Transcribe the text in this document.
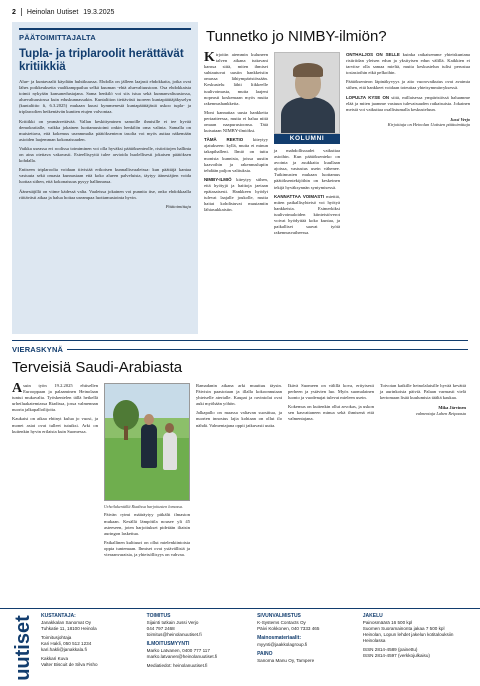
2 Heinolan Uutiset 19.3.2025
PÄÄTOIMITTAJALTA
Tupla- ja triplaroolit herättävät kritiikkiä

Aluе- ja kuntavaalit käydään huhtikuussa. Ehdolla on jälleen laajasti ehdokkaita, jotka ovat lähes poikkeuksetta vaalikamppailua selkä kuuman -ehtä aluevaltuustoon. Osa ehdokkaista toimii nykyään kansanedustajana. Sama henkilö voi siis istua sekä kunnanvaltuustossa, aluevaltuustossa kuin eduskunnassakin. Kuntaliiton tiettävästi tuoreen kuntapäättäjäkyselyn (kuntaliitto fi, 6.3.2025) mukaan kuusi kymmenestä kuntapäättäjästä uskoo tupla- ja triplaroolien heikentävän kuntien etujen valvontaa.

Kritiikki on ymmärrettävää. Vallan keskittyminen samoille ihmisille ei tee hyvää demokratialle, vaikka jokainen luottamustoimi onkin henkilön oma valinta. Samalla on muistettava, että kokemus useammalta päätöksenteon tasolta voi myös auttaa näkemään asioiden laajemman kokonaisuuden.

Vaikka useassa eri roolissa toimiminen voi olla hyväksi päätöksenteolle, ristiriitojen hallinta on aina otettava vakavasti. Esteellisyyttä tulee arvioida huolellisesti jokaisen päätöksen kohdalla.

Entiseen triplaroolia voidaan tiivistää erikoisen kunnallisvaaleissa: kun päättäjä kantaa vastuuta sekä omasta kunnastaan että koko alueen palveluista, täytyy äänestäjien voida luottaa siihen, että kokonaisuus pysyy hallinnassa.

Äänestäjillä on viime kädessä valta. Vaaleissa jokainen voi punnita itse, onko ehdokkaalla riittävästi aikaa ja halua hoitaa useampaa luottamustointa hyvin.

Päätoimittaja

Tunnetko jo NIMBY-ilmiön?

Kirjoitin aiemmin kuluneen talven aikana tuttavani kanssa siitä, miten ihmiset suhtautuvat uusiin hankkeisiin omassa lähiympäristössään. Keskustelu lähti liikkeelle tuulivoimasta, mutta laajeni nopeasti koskemaan myös muita rakennushankkeita.

Moni kannattaa uusia hankkeita periaatteessa, mutta ei halua niitä omaan naapurustoonsa. Tätä kutsutaan NIMBY-ilmiöksi.

TÄMÄ REKTIO kiteytyy ajatukseen: kyllä, mutta ei minun takapihalleni. Ilmiö on tuttu monista kunnista, joissa uusiin kaavoihin ja rakennuslupiin tehdään paljon valituksia.

NIMBY-ILMIÖ kiteytyy siihen, että hyötyjä ja haittoja jaetaan epätasaisesti. Hankkeen hyödyt tulevat laajalle joukolle, mutta haitat kohdistuvat muutamiin lähiasukkaisiin.

KOLUMNI

ja mahdollisuudet vaikuttaa asioihin. Kun päätöksenteko on avointa ja asukkaita kuullaan ajoissa, vastustus usein vähenee. Tutkimusten mukaan luottamus päätöksentekijöihin on keskeinen tekijä hyväksynnän syntymisessä.

KANNATTAA VOIMASTI miettiä, miten paikallisyhteisö voi hyötyä hankkeista. Esimerkiksi tuulivoimaloiden kiinteistöverot voivat hyödyttää koko kuntaa, ja paikalliset saavat työtä rakennusvaiheessa.

ONTHALJOS ON SELLE kuinka ratkaisemme yhteiskuntana ristiriidan yleisen edun ja yksityisen edun välillä. Kaikkien ei tarvitse olla samaa mieltä, mutta keskustelun tulisi perustua tosiasioihin eikä pelkoihin.

Päätöksenteon läpinäkyvyys ja aito vuorovaikutus ovat avaimia siihen, että hankkeet voidaan toteuttaa yhteisymmärryksessä.

LOPULTA KYSE ON siitä, millaisessa ympäristössä haluamme elää ja miten jaamme vastuun tulevaisuuden ratkaisuista. Jokainen meistä voi vaikuttaa osallistumalla keskusteluun.

Jussi Verjo
Kirjoittaja on Heinolan Uutisten päätoimittaja
VIERASKYNÄ
Terveisiä Saudi-Arabiasta

Asuin työn 19.2.2025 ehtisellen Eurooppaan ja palaaminen Heinolaan tuntui mukavalta. Työskentelen tällä hetkellä urheiluakatemiassa Riadissa, jossa valmennan nuoria jalkapalloilijoita.

Kaukaisi on aikaa ehtinyt kulua jo vuosi, ja monet asiat ovat tulleet tutuiksi. Arki on kuitenkin hyvin erilaista kuin Suomessa.

Urheilukentällä Riadissa harjoitusten lomassa.

Päivän rytmi määräytyy pitkälti ilmaston mukaan. Kesällä lämpötila nousee yli 45 asteeseen, joten harjoitukset pidetään iltaisin auringon laskettua.

Paikallinen kulttuuri on ollut mielenkiintoista oppia tuntemaan. Ihmiset ovat ystävällisiä ja vieraanvaraisia, ja yhteisöllisyys on vahvaa.

Ramadanin aikana arki muuttuu täysin. Päivisin paastotaan ja illalla kokoonnutaan yhteiselle aterialle. Kaupat ja ravintolat ovat auki myöhään yöhön.

Jalkapallo on maassa valtavan suosittua, ja nuorten innostus lajia kohtaan on ollut ilo nähdä. Valmentajana oppii jatkuvasti uutta.

Ikävä Suomeen on välillä kova, erityisesti perheen ja ystävien luo. Myös suomalainen luonto ja vuodenajat tulevat mieleen usein.

Kokemus on kuitenkin ollut arvokas, ja uskon sen kasvattaneen minua sekä ihmisenä että valmentajana.

Toivotan kaikille heinolalaisille hyvää kevättä ja aurinkoisia päiviä. Palaan varmasti vielä kertomaan lisää kuulumisia täältä kaukaa.

Mika Järvinen
valmentaja Lahen Reipaasta
uutiset KUSTANTAJA:
Janakkalan Sanomat Oy
Tuhkatie 11, 18100 Heinola
Toimitusjohtaja
Kari Hakli, 050 512 1234
kari.hakli@janakkala.fi
Kakkari Kuva
Valter Biscuit de Silva Fisho
TOIMITUS
Sijainti tutkain Jussi Verjo
044 797 2468
toimitus@heinolanuutiset.fi
ILMOITUSMYYNTI
Marko Latvanen, 0400 777 117
marko.latvanen@heinolanuutiset.fi
Mediatiedot: heinolanuutiset.fi
SIVUNVALMISTUS
K-Systems Contacts Oy
Päivi Kokkonen, 040 7333 465
Mainosmateriaalit:
myynti@jaakkolagroup.fi
PAINO
Sanoma Manu Oy, Tampere
JAKELU
Painosmäärä 16 500 kpl
Suomen Suoramainonta jakaa 7 500 kpl
Heinolan, Lopun lehdet jakelun kotitalouksiin Heinolassa
ISSN 2814-4589 (painettu)
ISSN 2814-4597 (verkkojulkaisu)
